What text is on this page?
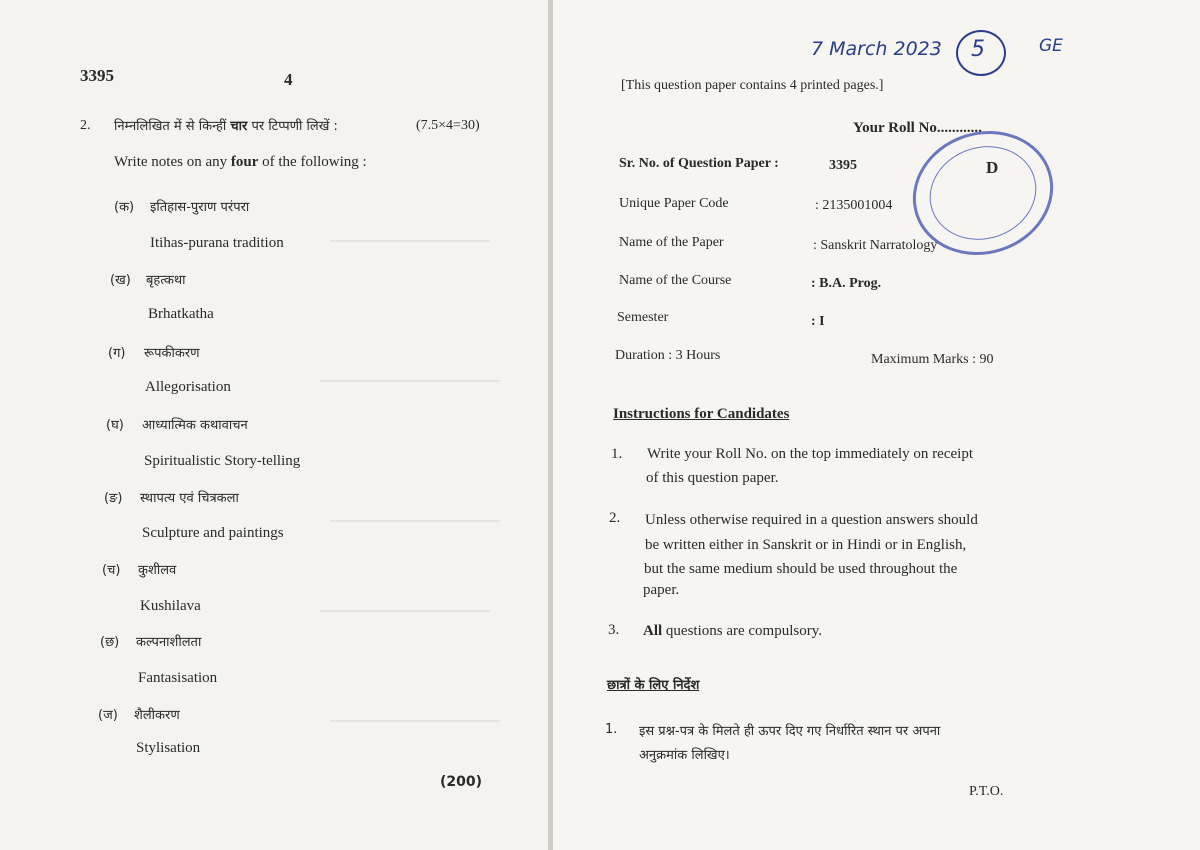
3395	4
2. निम्नलिखित में से किन्हीं चार पर टिप्पणी लिखें :	(7.5×4=30)
Write notes on any four of the following :
(क) इतिहास-पुराण परंपरा
Itihas-purana tradition
(ख) बृहत्कथा
Brhatkatha
(ग) रूपकीकरण
Allegorisation
(घ) आध्यात्मिक कथावाचन
Spiritualistic Story-telling
(ङ) स्थापत्य एवं चित्रकला
Sculpture and paintings
(च) कुशीलव
Kushilava
(छ) कल्पनाशीलता
Fantasisation
(ज) शैलीकरण
Stylisation
(200)
7 March 2023	GE
[This question paper contains 4 printed pages.]
Your Roll No............
Sr. No. of Question Paper :	3395
Unique Paper Code	: 2135001004
Name of the Paper	: Sanskrit Narratology
Name of the Course	: B.A. Prog.
Semester	: I
Duration : 3 Hours	Maximum Marks : 90
Instructions for Candidates
1. Write your Roll No. on the top immediately on receipt
of this question paper.
2. Unless otherwise required in a question answers should
be written either in Sanskrit or in Hindi or in English,
but the same medium should be used throughout the
paper.
3. All questions are compulsory.
छात्रों के लिए निर्देश
1. इस प्रश्न-पत्र के मिलते ही ऊपर दिए गए निर्धारित स्थान पर अपना
अनुक्रमांक लिखिए।
P.T.O.
5
D
